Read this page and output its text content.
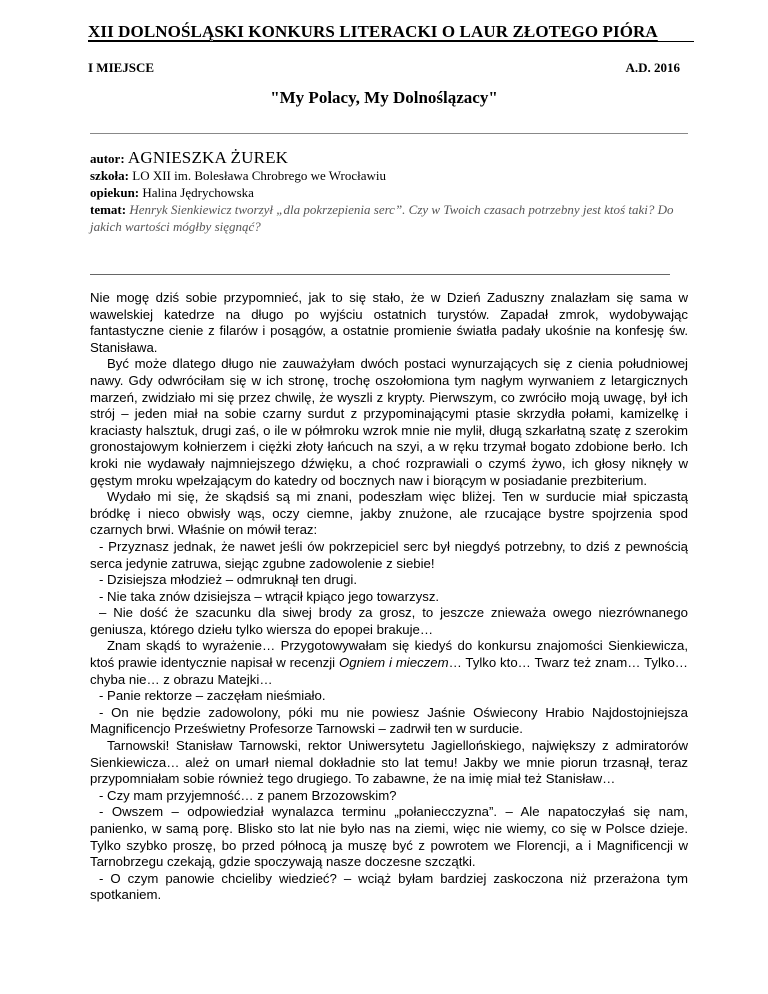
XII DOLNOŚLĄSKI KONKURS LITERACKI O LAUR ZŁOTEGO PIÓRA
I MIEJSCE	A.D. 2016
"My Polacy, My Dolnoślązacy"

autor: AGNIESZKA ŻUREK

szkoła: LO XII im. Bolesława Chrobrego we Wrocławiu

opiekun: Halina Jędrychowska

temat: Henryk Sienkiewicz tworzył „dla pokrzepienia serc”. Czy w Twoich czasach potrzebny jest ktoś taki? Do jakich wartości mógłby sięgnąć?

Nie mogę dziś sobie przypomnieć, jak to się stało, że w Dzień Zaduszny znalazłam się sama w wawelskiej katedrze na długo po wyjściu ostatnich turystów. Zapadał zmrok, wydobywając fantastyczne cienie z filarów i posągów, a ostatnie promienie światła padały ukośnie na konfesję św. Stanisława.

Być może dlatego długo nie zauważyłam dwóch postaci wynurzających się z cienia południowej nawy. Gdy odwróciłam się w ich stronę, trochę oszołomiona tym nagłym wyrwaniem z letargicznych marzeń, zwidziało mi się przez chwilę, że wyszli z krypty. Pierwszym, co zwróciło moją uwagę, był ich strój – jeden miał na sobie czarny surdut z przypominającymi ptasie skrzydła połami, kamizelkę i kraciasty halsztuk, drugi zaś, o ile w półmroku wzrok mnie nie mylił, długą szkarłatną szatę z szerokim gronostajowym kołnierzem i ciężki złoty łańcuch na szyi, a w ręku trzymał bogato zdobione berło. Ich kroki nie wydawały najmniejszego dźwięku, a choć rozprawiali o czymś żywo, ich głosy niknęły w gęstym mroku wpełzającym do katedry od bocznych naw i biorącym w posiadanie prezbiterium.

Wydało mi się, że skądsiś są mi znani, podeszłam więc bliżej. Ten w surducie miał spiczastą bródkę i nieco obwisły wąs, oczy ciemne, jakby znużone, ale rzucające bystre spojrzenia spod czarnych brwi. Właśnie on mówił teraz:

- Przyznasz jednak, że nawet jeśli ów pokrzepiciel serc był niegdyś potrzebny, to dziś z pewnością serca jedynie zatruwa, siejąc zgubne zadowolenie z siebie!

- Dzisiejsza młodzież – odmruknął ten drugi.

- Nie taka znów dzisiejsza – wtrącił kpiąco jego towarzysz.

– Nie dość że szacunku dla siwej brody za grosz, to jeszcze znieważa owego niezrównanego geniusza, którego dziełu tylko wiersza do epopei brakuje…

Znam skądś to wyrażenie… Przygotowywałam się kiedyś do konkursu znajomości Sienkiewicza, ktoś prawie identycznie napisał w recenzji Ogniem i mieczem… Tylko kto… Twarz też znam… Tylko… chyba nie… z obrazu Matejki…

- Panie rektorze – zaczęłam nieśmiało.

- On nie będzie zadowolony, póki mu nie powiesz Jaśnie Oświecony Hrabio Najdostojniejsza Magnificencjo Prześwietny Profesorze Tarnowski – zadrwił ten w surducie.

Tarnowski! Stanisław Tarnowski, rektor Uniwersytetu Jagiellońskiego, największy z admiratorów Sienkiewicza… ależ on umarł niemal dokładnie sto lat temu! Jakby we mnie piorun trzasnął, teraz przypomniałam sobie również tego drugiego. To zabawne, że na imię miał też Stanisław…

- Czy mam przyjemność… z panem Brzozowskim?

- Owszem – odpowiedział wynalazca terminu „połaniecczyzna”. – Ale napatoczyłaś się nam, panienko, w samą porę. Blisko sto lat nie było nas na ziemi, więc nie wiemy, co się w Polsce dzieje. Tylko szybko proszę, bo przed północą ja muszę być z powrotem we Florencji, a i Magnificencji w Tarnobrzegu czekają, gdzie spoczywają nasze doczesne szczątki.

- O czym panowie chcieliby wiedzieć? – wciąż byłam bardziej zaskoczona niż przerażona tym spotkaniem.
